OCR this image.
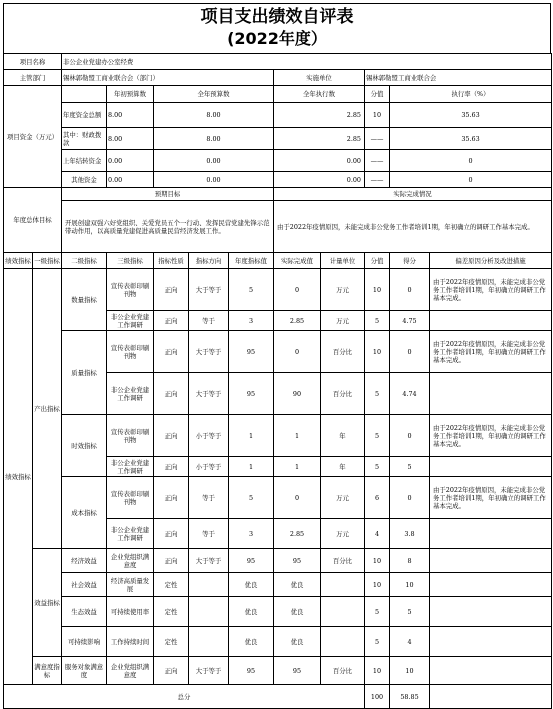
项目支出绩效自评表
(2022年度）
项目名称		非公企业党建办公室经费										
主管部门		锡林郭勒盟工商业联合会（部门）					实施单位		锡林郭勒盟工商业联合会			
项目资金（万元）			年初预算数	全年预算数			全年执行数		分值	执行率（%）	
		年度资金总额	8.00	8.00			2.85		10	35.63	
		其中：财政拨款	8.00	8.00			2.85		——	35.63	
		上年结转资金	0.00	0.00			0.00		——	0	
		其他资金	0.00	0.00			0.00		——	0	
年度总体目标		预期目标					实际完成情况					
		开展创建双强六好党组织、关爱党员五个一行动、发挥民营党建先锋示范带动作用，以高质量党建促进高质量民营经济发展工作。					由于2022年疫情原因，未能完成非公党务工作者培训1期，年初确立的调研工作基本完成。					
绩效指标	一级指标	二级指标	三级指标	指标性质	指标方向	年度指标值	实际完成值	计量单位	分值	得分	偏差原因分析及改进措施	
绩效指标	产出指标	数量指标	宣传表彰印刷刊物	正向	大于等于	5	0	万元	10	0	由于2022年疫情原因，未能完成非公党务工作者培训1期，年初确立的调研工作基本完成。	
			非公企业党建工作调研	正向	等于	3	2.85	万元	5	4.75		
		质量指标	宣传表彰印刷刊物	正向	大于等于	95	0	百分比	10	0	由于2022年疫情原因，未能完成非公党务工作者培训1期，年初确立的调研工作基本完成。	
			非公企业党建工作调研	正向	大于等于	95	90	百分比	5	4.74		
		时效指标	宣传表彰印刷刊物	正向	小于等于	1	1	年	5	0	由于2022年疫情原因，未能完成非公党务工作者培训1期，年初确立的调研工作基本完成。	
			非公企业党建工作调研	正向	小于等于	1	1	年	5	5		
		成本指标	宣传表彰印刷刊物	正向	等于	5	0	万元	6	0	由于2022年疫情原因，未能完成非公党务工作者培训1期，年初确立的调研工作基本完成。	
			非公企业党建工作调研	正向	等于	3	2.85	万元	4	3.8		
	效益指标	经济效益	企业党组织满意度	正向	大于等于	95	95	百分比	10	8		
		社会效益	经济高质量发展	定性		优良	优良		10	10		
		生态效益	可持续使用率	定性		优良	优良		5	5		
		可持续影响	工作持续时间	定性		优良	优良		5	4		
	满意度指标	服务对象满意度	企业党组织满意度	正向	大于等于	95	95	百分比	10	10		
总分									100	58.85		
